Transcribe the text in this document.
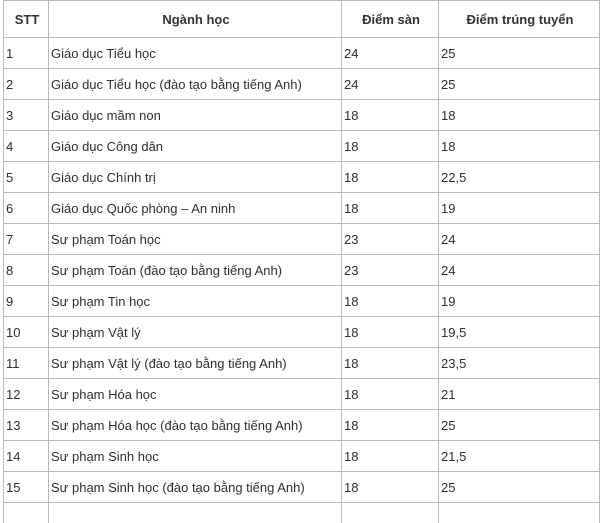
STT	Ngành học	Điểm sàn	Điểm trúng tuyển
1	Giáo dục Tiểu học	24	25
2	Giáo dục Tiểu học (đào tạo bằng tiếng Anh)	24	25
3	Giáo dục mầm non	18	18
4	Giáo dục Công dân	18	18
5	Giáo dục Chính trị	18	22,5
6	Giáo dục Quốc phòng – An ninh	18	19
7	Sư phạm Toán học	23	24
8	Sư phạm Toán (đào tạo bằng tiếng Anh)	23	24
9	Sư phạm Tin học	18	19
10	Sư phạm Vật lý	18	19,5
11	Sư phạm Vật lý (đào tạo bằng tiếng Anh)	18	23,5
12	Sư phạm Hóa học	18	21
13	Sư phạm Hóa học (đào tạo bằng tiếng Anh)	18	25
14	Sư phạm Sinh học	18	21,5
15	Sư phạm Sinh học (đào tạo bằng tiếng Anh)	18	25
